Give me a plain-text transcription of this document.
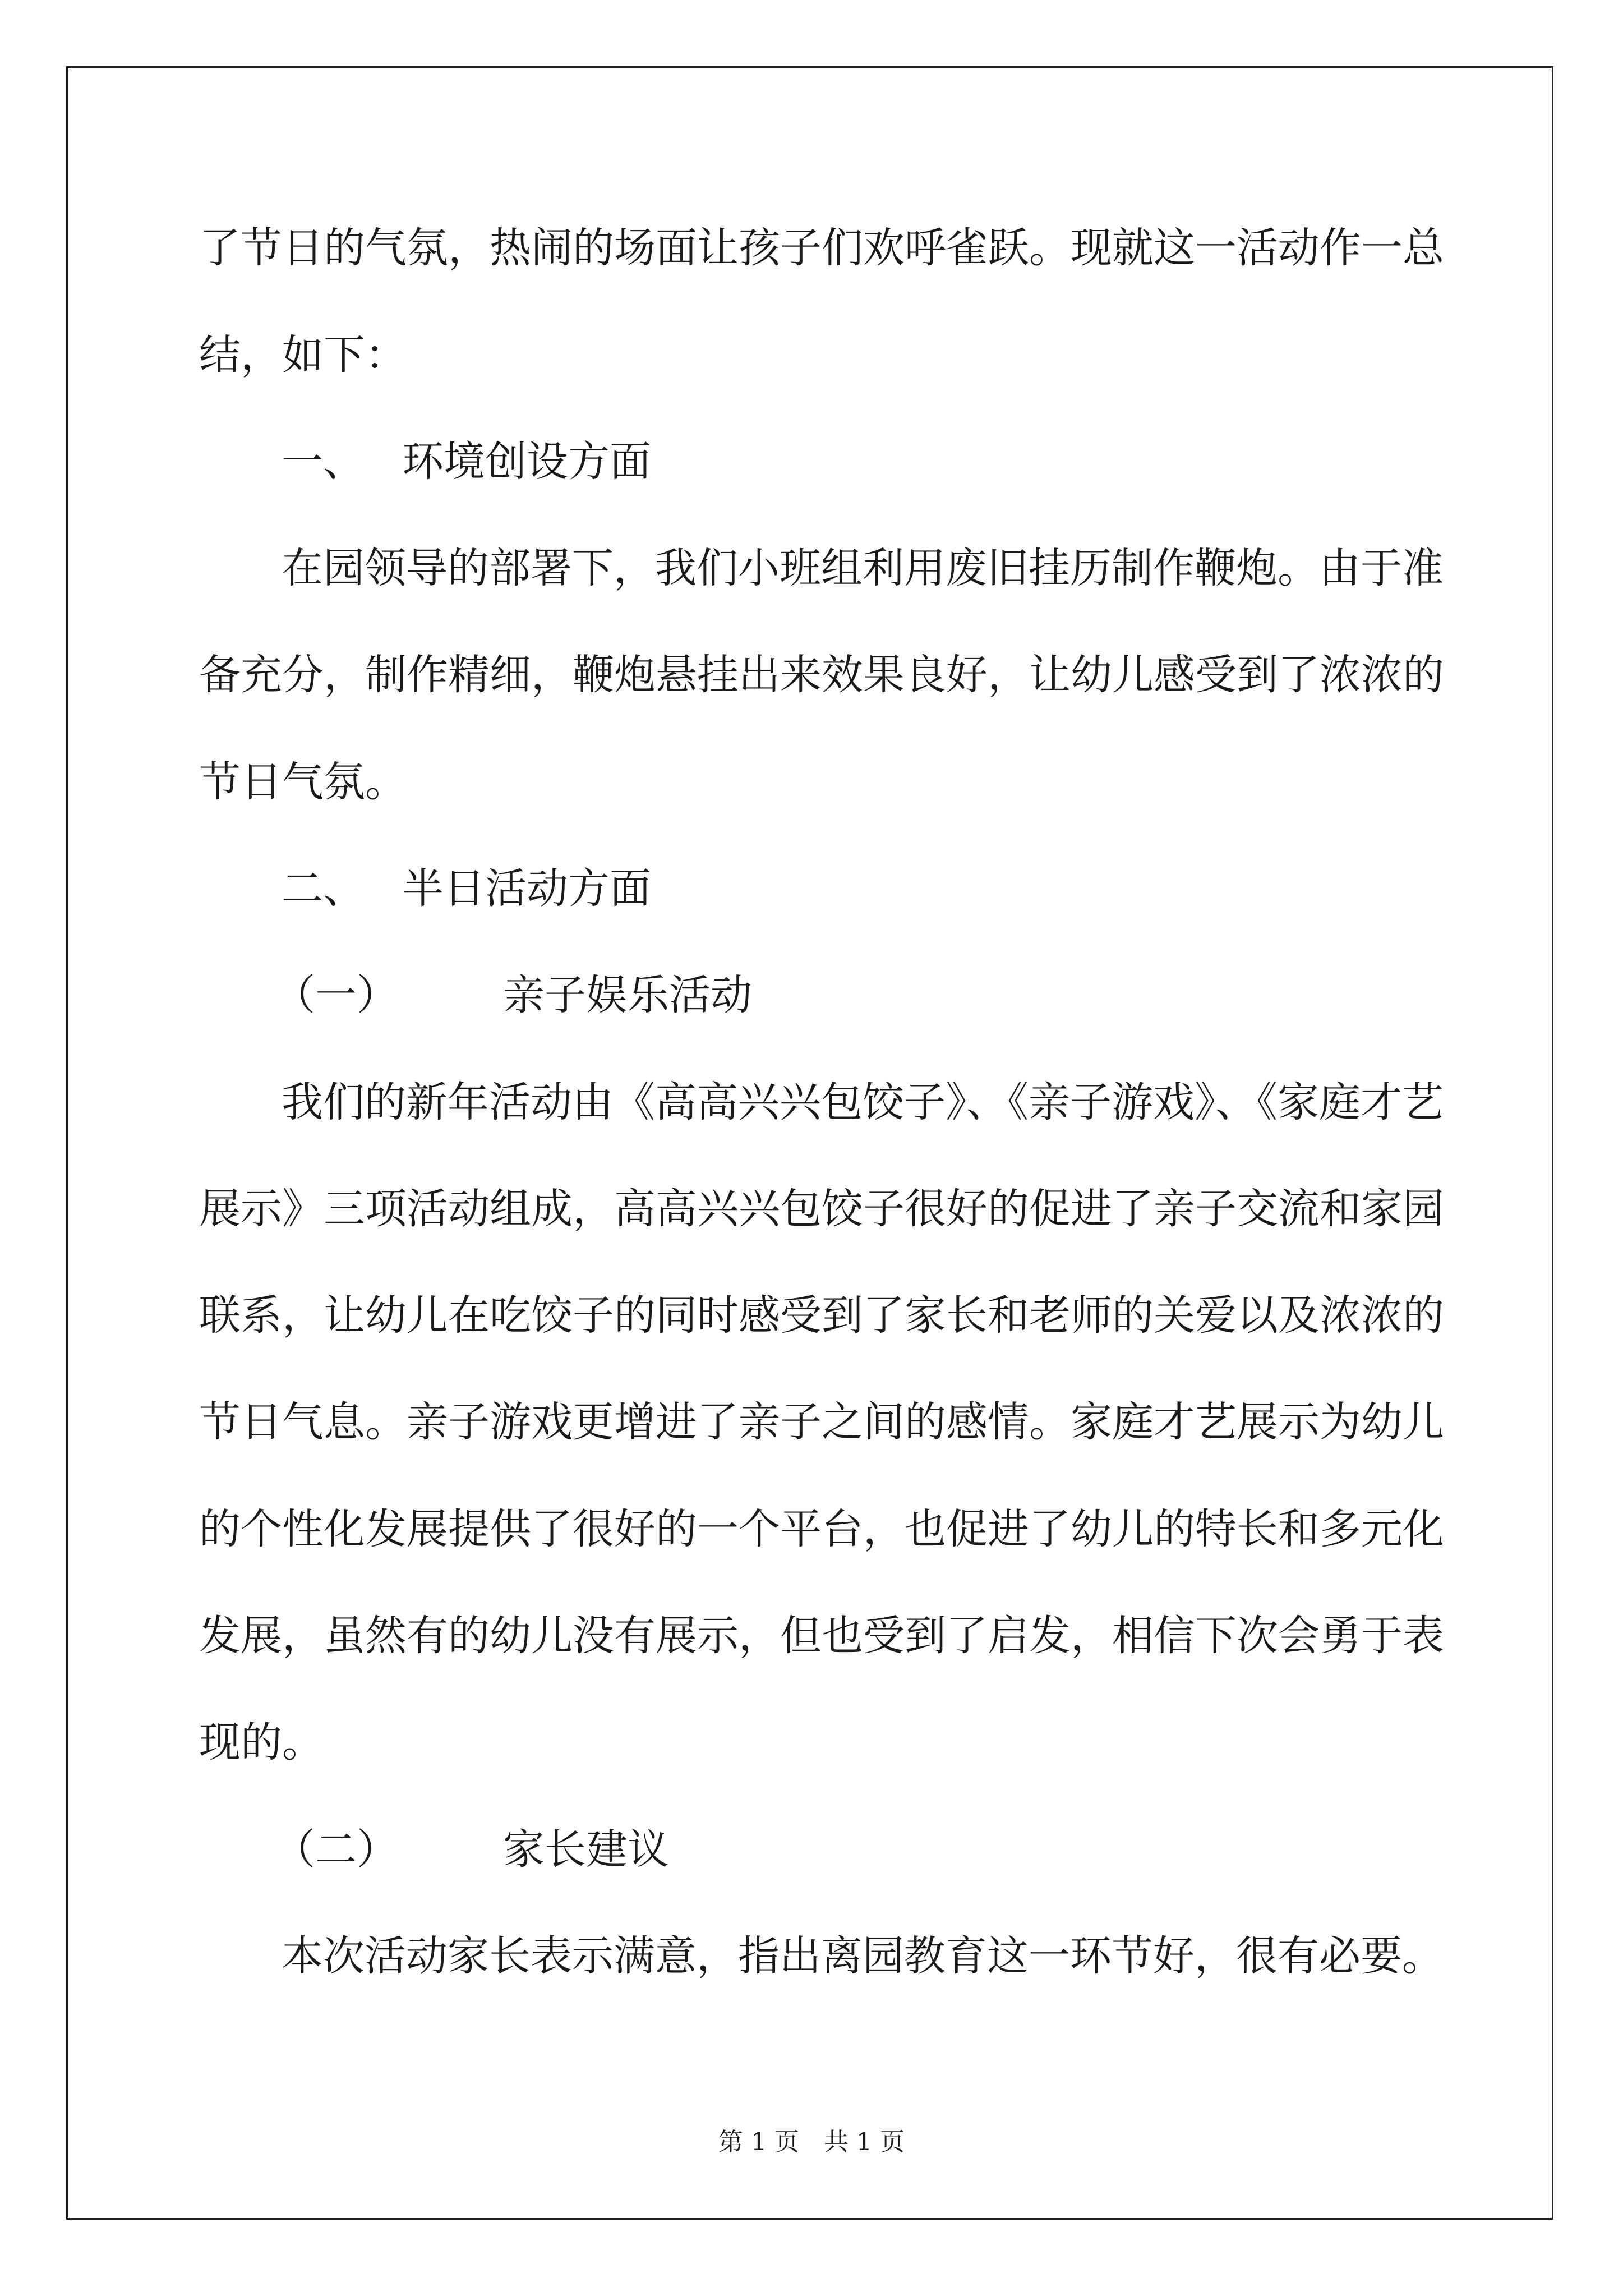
了节日的气氛，热闹的场面让孩子们欢呼雀跃。现就这一活动作一总
结，如下：
一、 环境创设方面
在园领导的部署下，我们小班组利用废旧挂历制作鞭炮。由于准
备充分，制作精细，鞭炮悬挂出来效果良好，让幼儿感受到了浓浓的
节日气氛。
二、 半日活动方面
（一）	亲子娱乐活动
我们的新年活动由《高高兴兴包饺子》、《亲子游戏》、《家庭才艺
展示》三项活动组成，高高兴兴包饺子很好的促进了亲子交流和家园
联系，让幼儿在吃饺子的同时感受到了家长和老师的关爱以及浓浓的
节日气息。亲子游戏更增进了亲子之间的感情。家庭才艺展示为幼儿
的个性化发展提供了很好的一个平台，也促进了幼儿的特长和多元化
发展，虽然有的幼儿没有展示，但也受到了启发，相信下次会勇于表
现的。
（二）	家长建议
本次活动家长表示满意，指出离园教育这一环节好，很有必要。
第 1 页 共 1 页
